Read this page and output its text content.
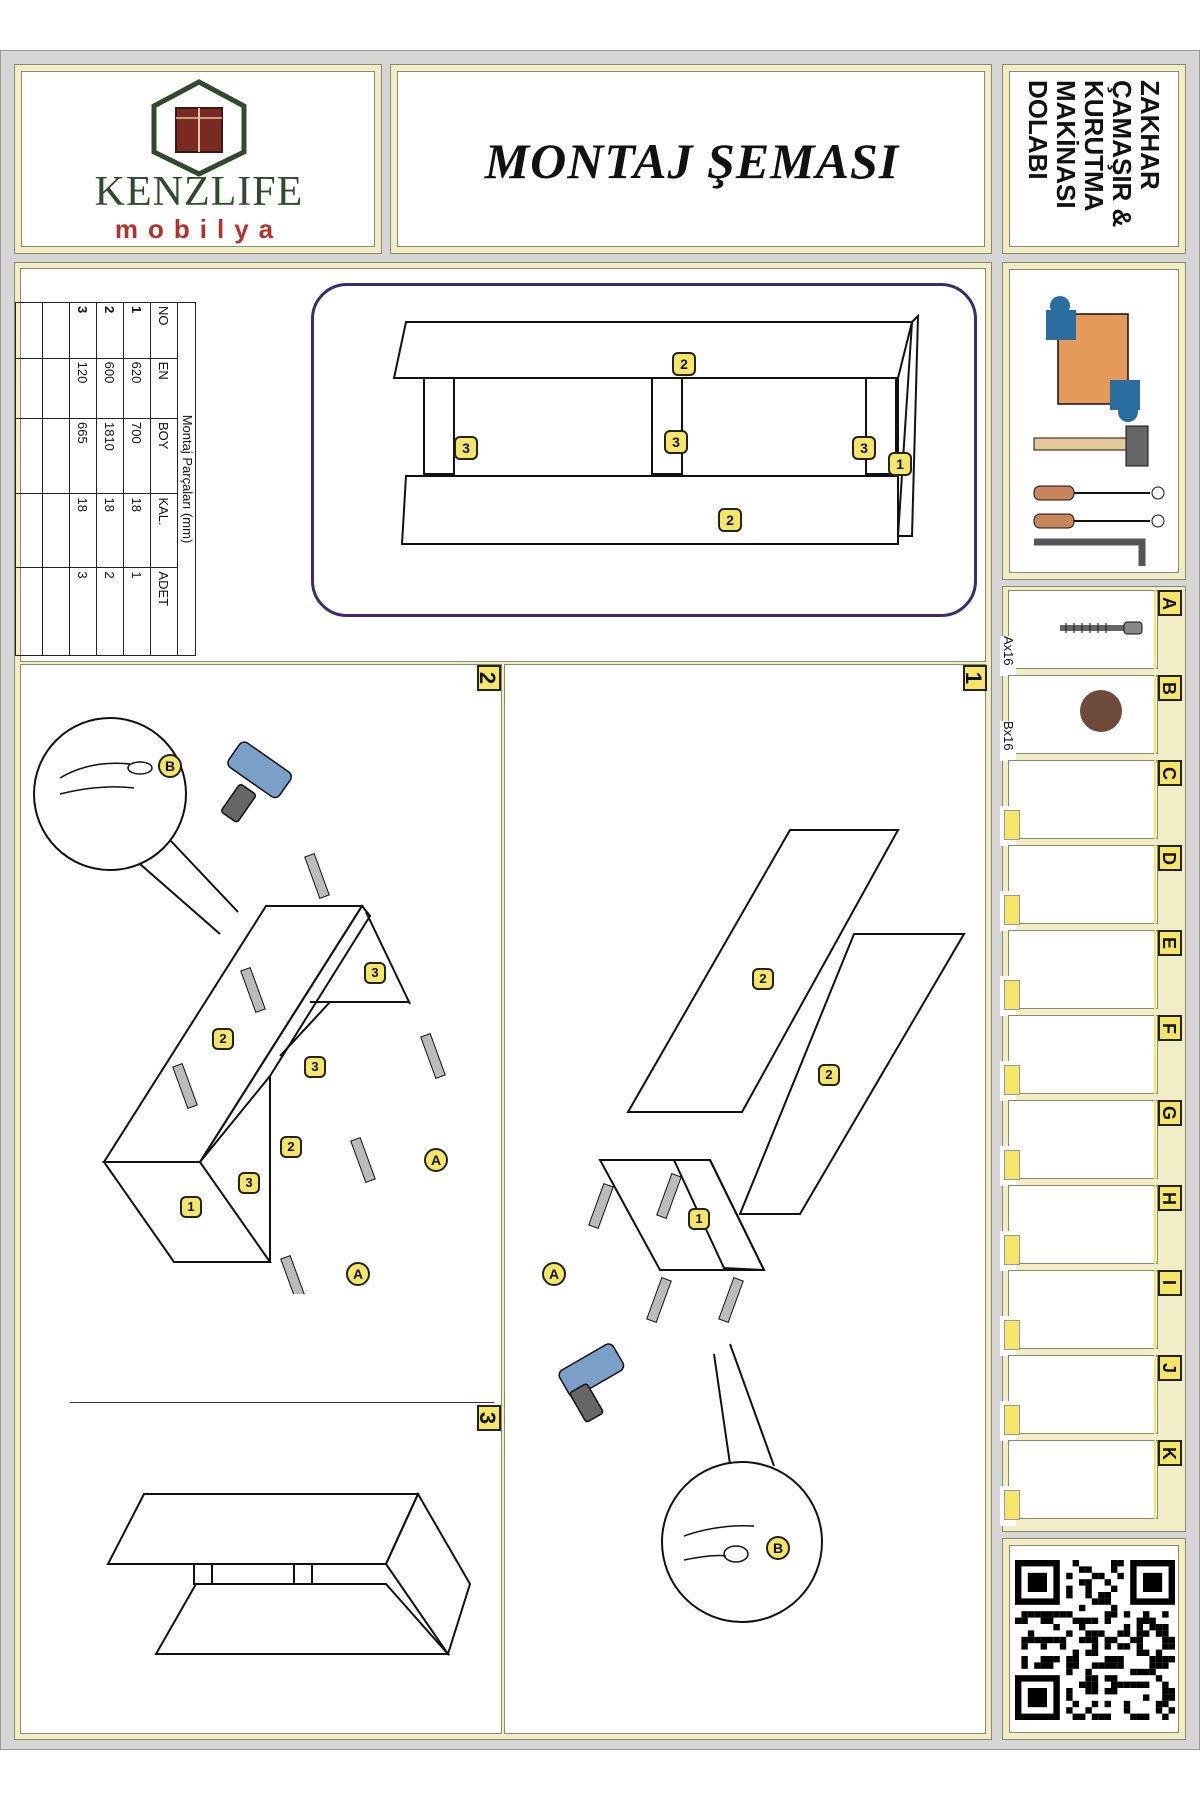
KENZLIFE
mobilya
MONTAJ ŞEMASI	ZAKHAR
ÇAMAŞIR &
KURUTMA
MAKİNASI
DOLABI
Montaj Parçaları (mm)
NO	EN	BOY	KAL.	ADET
1	620	700	18	1
2	600	1810	18	2
3	120	665	18	3

2
3	3	3
1
2
2	1
2
2
1
3
3
3
A
A
B
3
2
2
1
A
B
A
Ax16
B
Bx16
C
D
E
F
G
H
I
J
K
